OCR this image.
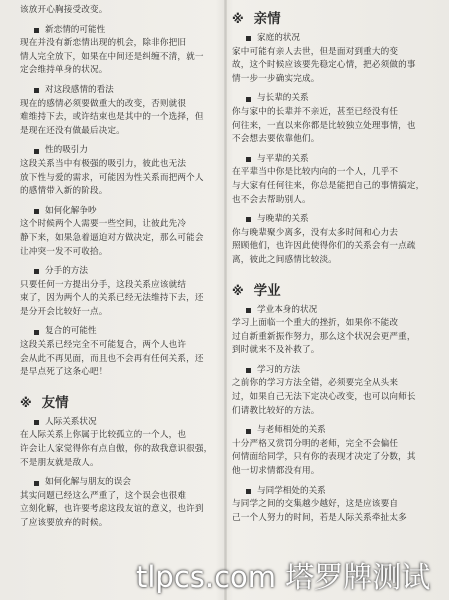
该放开心胸接受改变。
新恋情的可能性
现在并没有新恋情出现的机会，除非你把旧
情人完全放下，如果在中间还是纠缠不清，就一
定会维持单身的状况。
对这段感情的看法
现在的感情必须要做重大的改变，否则就很
难维持下去，或许结束也是其中的一个选择，但
是现在还没有做最后决定。
性的吸引力
这段关系当中有极强的吸引力，彼此也无法
放下性与爱的需求，可能因为性关系而把两个人
的感情带入新的阶段。
如何化解争吵
这个时候两个人需要一些空间，让彼此先冷
静下来，如果急着逼迫对方做决定，那么可能会
让冲突一发不可收拾。
分手的方法
只要任何一方提出分手，这段关系应该就结
束了，因为两个人的关系已经无法维持下去，还
是分开会比较好一点。
复合的可能性
这段关系已经完全不可能复合，两个人也许
会从此不再见面，而且也不会再有任何关系，还
是早点死了这条心吧！
※ 友情
人际关系状况
在人际关系上你属于比较孤立的一个人，也
许会让人家觉得你有点自傲，你的敌我意识很强，
不是朋友就是敌人。
如何化解与朋友的误会
其实问题已经这么严重了，这个误会也很难
立刻化解，也许要考虑这段友谊的意义，也许到
了应该要放弃的时候。
※ 亲情
家庭的状况
家中可能有亲人去世，但是面对到重大的变
故，这个时候应该要先稳定心情，把必须做的事
情一步一步确实完成。
与长辈的关系
你与家中的长辈并不亲近，甚至已经没有任
何往来，一直以来你都是比较独立处理事情，也
不会想去要依靠他们。
与平辈的关系
在平辈当中你是比较内向的一个人，几乎不
与大家有任何往来，你总是能把自己的事情搞定，
也不会去帮助别人。
与晚辈的关系
你与晚辈聚少离多，没有太多时间和心力去
照顾他们，也许因此使得你们的关系会有一点疏
离，彼此之间感情比较淡。
※ 学业
学业本身的状况
学习上面临一个重大的挫折，如果你不能改
过自新重新振作努力，那么这个状况会更严重，
到时就来不及补救了。
学习的方法
之前你的学习方法全错，必须要完全从头来
过，如果自己无法下定决心改变，也可以向师长
们请教比较好的方法。
与老师相处的关系
十分严格又赏罚分明的老师，完全不会偏任
何情面给同学，只有你的表现才决定了分数，其
他一切求情都没有用。
与同学相处的关系
与同学之间的交集越少越好，这是应该要自
己一个人努力的时间，若是人际关系牵扯太多
tlpcs.com 塔罗牌测试
